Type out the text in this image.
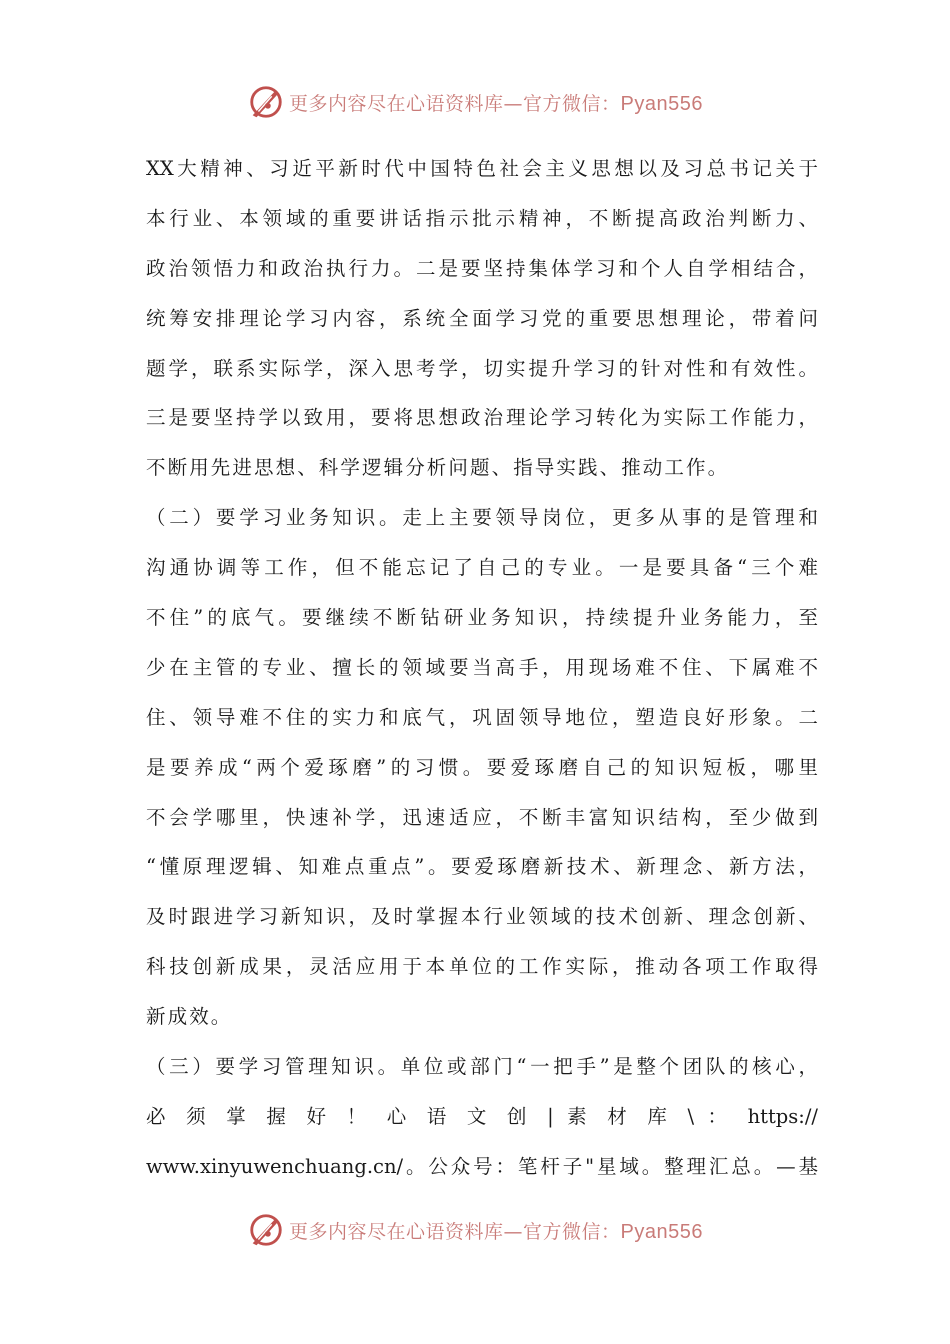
更多内容尽在心语资料库—官方微信：Pyan556
XX大精神、习近平新时代中国特色社会主义思想以及习总书记关于
本行业、本领域的重要讲话指示批示精神，不断提高政治判断力、
政治领悟力和政治执行力。二是要坚持集体学习和个人自学相结合，
统筹安排理论学习内容，系统全面学习党的重要思想理论，带着问
题学，联系实际学，深入思考学，切实提升学习的针对性和有效性。
三是要坚持学以致用，要将思想政治理论学习转化为实际工作能力，
不断用先进思想、科学逻辑分析问题、指导实践、推动工作。
（二）要学习业务知识。走上主要领导岗位，更多从事的是管理和
沟通协调等工作，但不能忘记了自己的专业。一是要具备“三个难
不住”的底气。要继续不断钻研业务知识，持续提升业务能力，至
少在主管的专业、擅长的领域要当高手，用现场难不住、下属难不
住、领导难不住的实力和底气，巩固领导地位，塑造良好形象。二
是要养成“两个爱琢磨”的习惯。要爱琢磨自己的知识短板，哪里
不会学哪里，快速补学，迅速适应，不断丰富知识结构，至少做到
“懂原理逻辑、知难点重点”。要爱琢磨新技术、新理念、新方法，
及时跟进学习新知识，及时掌握本行业领域的技术创新、理念创新、
科技创新成果，灵活应用于本单位的工作实际，推动各项工作取得
新成效。
（三）要学习管理知识。单位或部门“一把手”是整个团队的核心，
必 须 掌 握 好 ！ 心 语 文 创 | 素 材 库 \ ： https://
www.xinyuwenchuang.cn/。公众号：笔杆子"星域。整理汇总。—基
更多内容尽在心语资料库—官方微信：Pyan556
